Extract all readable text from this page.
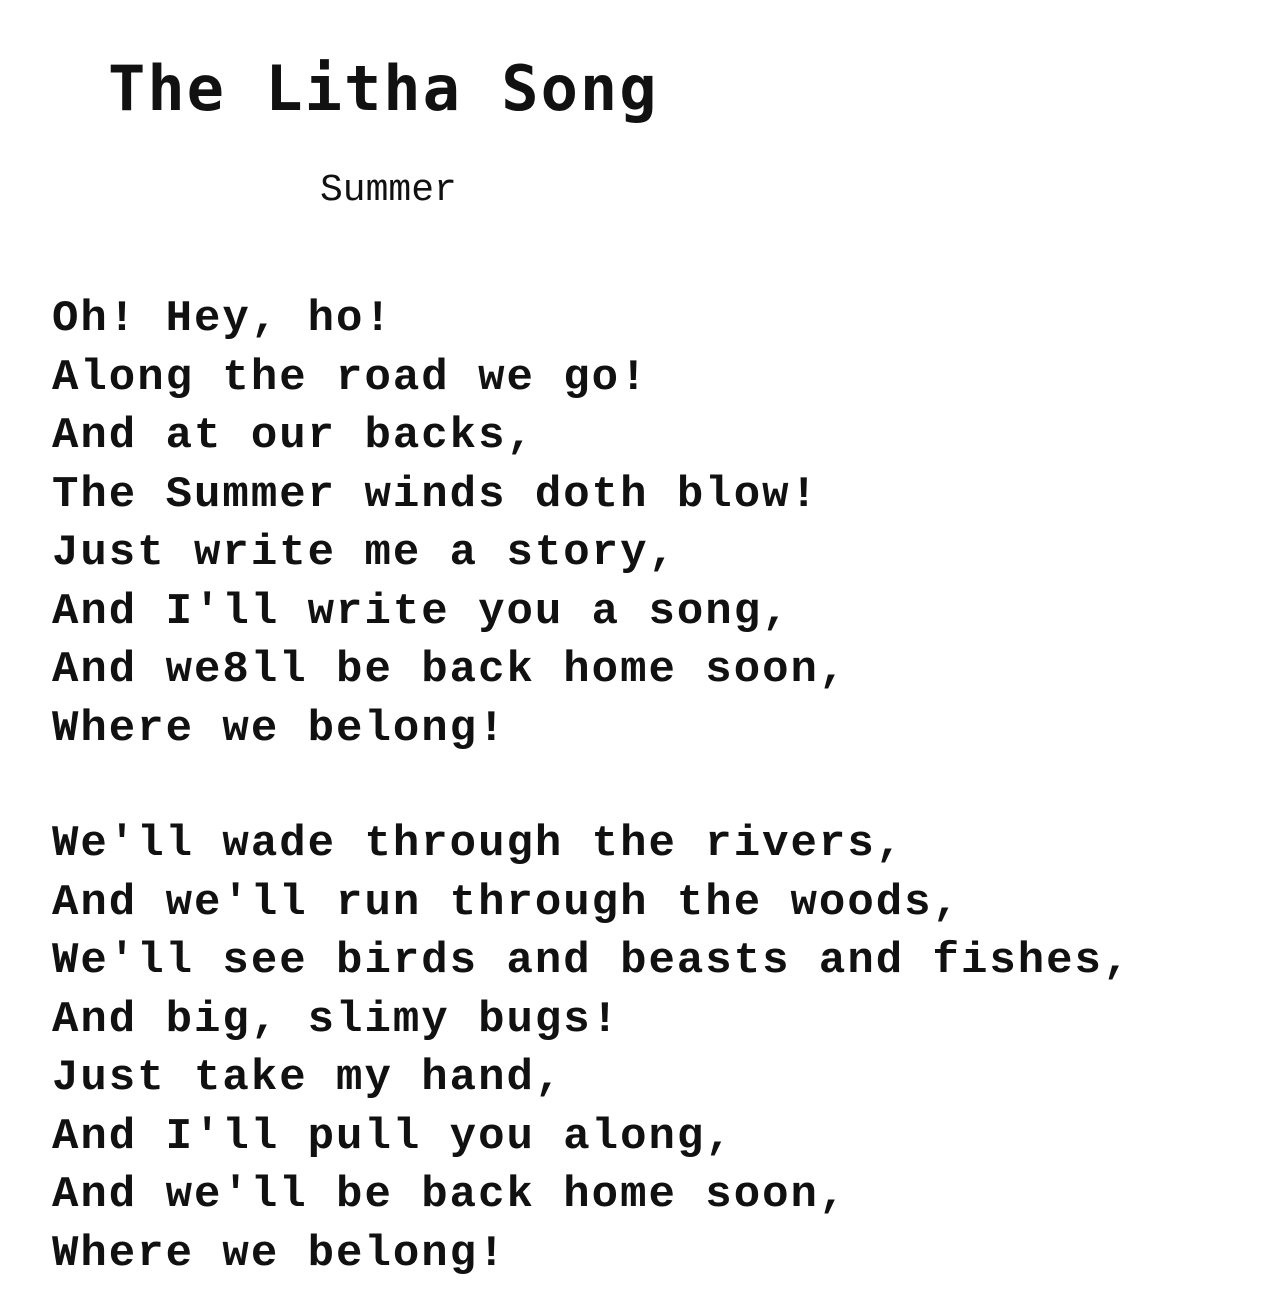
The Litha Song
Summer
Oh! Hey, ho!
Along the road we go!
And at our backs,
The Summer winds doth blow!
Just write me a story,
And I'll write you a song,
And we8ll be back home soon,
Where we belong!
We'll wade through the rivers,
And we'll run through the woods,
We'll see birds and beasts and fishes,
And big, slimy bugs!
Just take my hand,
And I'll pull you along,
And we'll be back home soon,
Where we belong!
